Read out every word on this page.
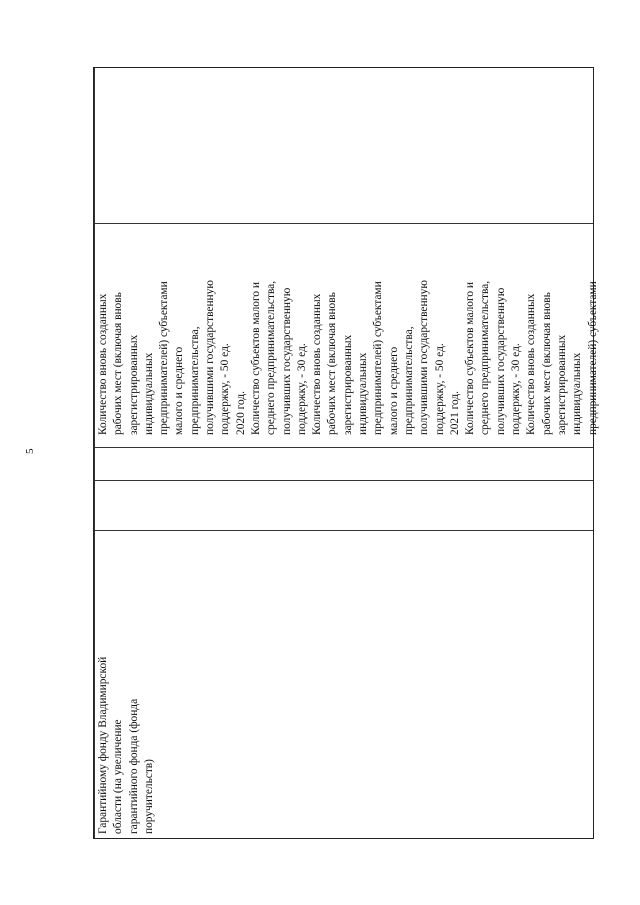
5
Количество вновь созданных рабочих мест (включая вновь зарегистрированных индивидуальных предпринимателей) субъектами малого и среднего предпринимательства, получившими государственную поддержку, - 50 ед. 2020 год. Количество субъектов малого и среднего предпринимательства, получивших государственную поддержку, - 30 ед. Количество вновь созданных рабочих мест (включая вновь зарегистрированных индивидуальных предпринимателей) субъектами малого и среднего предпринимательства, получившими государственную поддержку, - 50 ед. 2021 год. Количество субъектов малого и среднего предпринимательства, получивших государственную поддержку, - 30 ед. Количество вновь созданных рабочих мест (включая вновь зарегистрированных индивидуальных предпринимателей) субъектами
Гарантийному фонду Владимирской области (на увеличение гарантийного фонда (фонда поручительств)
